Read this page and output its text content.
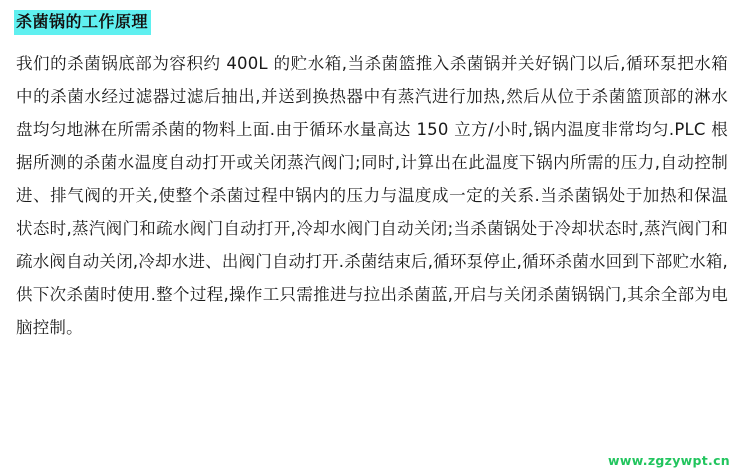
杀菌锅的工作原理
我们的杀菌锅底部为容积约 400L 的贮水箱,当杀菌篮推入杀菌锅并关好锅门以后,循环泵把水箱中的杀菌水经过滤器过滤后抽出,并送到换热器中有蒸汽进行加热,然后从位于杀菌篮顶部的淋水盘均匀地淋在所需杀菌的物料上面.由于循环水量高达 150 立方/小时,锅内温度非常均匀.PLC 根据所测的杀菌水温度自动打开或关闭蒸汽阀门;同时,计算出在此温度下锅内所需的压力,自动控制进、排气阀的开关,使整个杀菌过程中锅内的压力与温度成一定的关系.当杀菌锅处于加热和保温状态时,蒸汽阀门和疏水阀门自动打开,冷却水阀门自动关闭;当杀菌锅处于冷却状态时,蒸汽阀门和疏水阀自动关闭,冷却水进、出阀门自动打开.杀菌结束后,循环泵停止,循环杀菌水回到下部贮水箱,供下次杀菌时使用.整个过程,操作工只需推进与拉出杀菌蓝,开启与关闭杀菌锅锅门,其余全部为电脑控制。
www.zgzywpt.cn
